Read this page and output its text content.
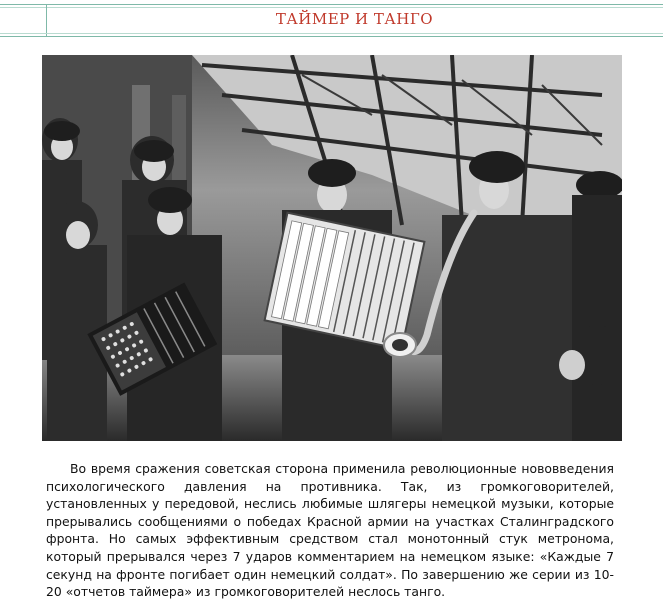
ТАЙМЕР И ТАНГО

Во время сражения советская сторона применила революционные нововведения психологического давления на противника. Так, из громкоговорителей, установленных у передовой, неслись любимые шлягеры немецкой музыки, которые прерывались сообщениями о победах Красной армии на участках Сталинградского фронта. Но самых эффективным средством стал монотонный стук метронома, который прерывался через 7 ударов комментарием на немецком языке: «Каждые 7 секунд на фронте погибает один немецкий солдат». По завершению же серии из 10-20 «отчетов таймера» из громкоговорителей неслось танго.
